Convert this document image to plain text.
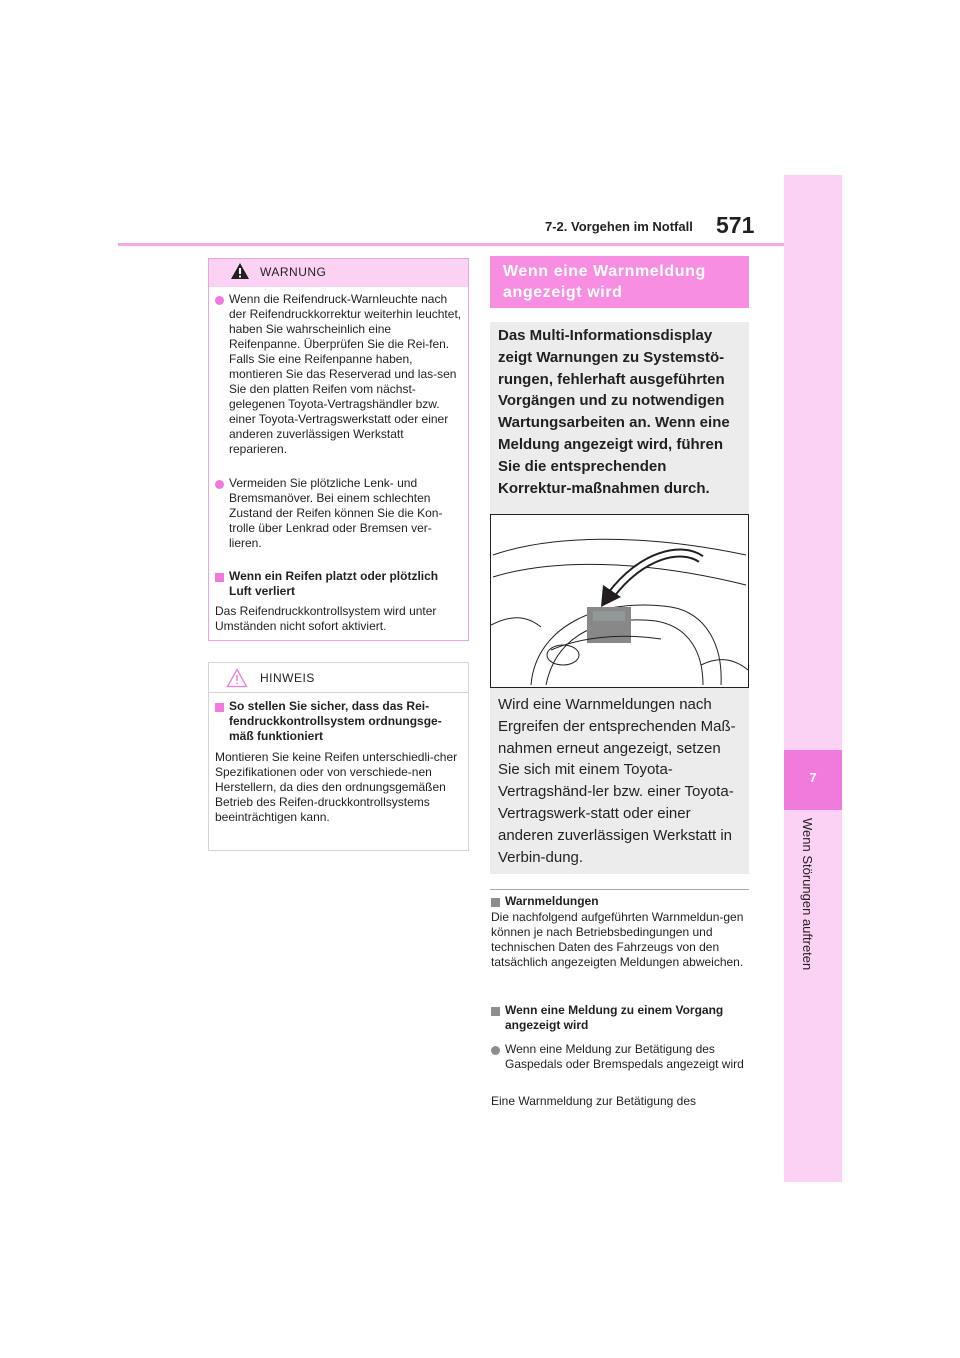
7-2. Vorgehen im Notfall 571
7
Wenn Störungen auftreten
WARNUNG
Wenn die Reifendruck-Warnleuchte nach der Reifendruckkorrektur weiterhin leuchtet, haben Sie wahrscheinlich eine Reifenpanne. Überprüfen Sie die Rei-fen. Falls Sie eine Reifenpanne haben, montieren Sie das Reserverad und las-sen Sie den platten Reifen vom nächst-gelegenen Toyota-Vertragshändler bzw. einer Toyota-Vertragswerkstatt oder einer anderen zuverlässigen Werkstatt reparieren.
Vermeiden Sie plötzliche Lenk- und Bremsmanöver. Bei einem schlechten Zustand der Reifen können Sie die Kon-trolle über Lenkrad oder Bremsen ver-lieren.
Wenn ein Reifen platzt oder plötzlich Luft verliert
Das Reifendruckkontrollsystem wird unter Umständen nicht sofort aktiviert.
HINWEIS
So stellen Sie sicher, dass das Rei-fendruckkontrollsystem ordnungsge-mäß funktioniert
Montieren Sie keine Reifen unterschiedli-cher Spezifikationen oder von verschiede-nen Herstellern, da dies den ordnungsgemäßen Betrieb des Reifen-druckkontrollsystems beeinträchtigen kann.
Wenn eine Warnmeldung angezeigt wird
Das Multi-Informationsdisplay zeigt Warnungen zu Systemstö-rungen, fehlerhaft ausgeführten Vorgängen und zu notwendigen Wartungsarbeiten an. Wenn eine Meldung angezeigt wird, führen Sie die entsprechenden Korrektur-maßnahmen durch.
Wird eine Warnmeldungen nach Ergreifen der entsprechenden Maß-nahmen erneut angezeigt, setzen Sie sich mit einem Toyota-Vertragshänd-ler bzw. einer Toyota-Vertragswerk-statt oder einer anderen zuverlässigen Werkstatt in Verbin-dung.
Warnmeldungen
Die nachfolgend aufgeführten Warnmeldun-gen können je nach Betriebsbedingungen und technischen Daten des Fahrzeugs von den tatsächlich angezeigten Meldungen abweichen.
Wenn eine Meldung zu einem Vorgang angezeigt wird
Wenn eine Meldung zur Betätigung des Gaspedals oder Bremspedals angezeigt wird
Eine Warnmeldung zur Betätigung des
